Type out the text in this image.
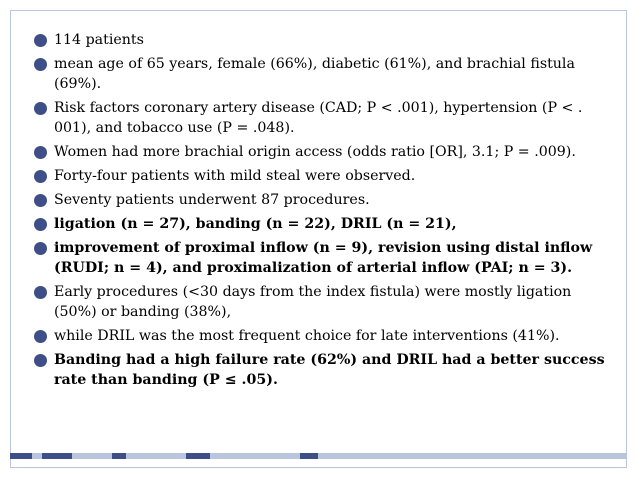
114 patients
mean age of 65 years, female (66%), diabetic (61%), and brachial fistula (69%).
Risk factors coronary artery disease (CAD; P < .001), hypertension (P < . 001), and tobacco use (P = .048).
Women had more brachial origin access (odds ratio [OR], 3.1; P = .009).
Forty-four patients with mild steal were observed.
Seventy patients underwent 87 procedures.
ligation (n = 27), banding (n = 22), DRIL (n = 21),
improvement of proximal inflow (n = 9), revision using distal inflow (RUDI; n = 4), and proximalization of arterial inflow (PAI; n = 3).
Early procedures (<30 days from the index fistula) were mostly ligation (50%) or banding (38%),
while DRIL was the most frequent choice for late interventions (41%).
Banding had a high failure rate (62%) and DRIL had a better success rate than banding (P ≤ .05).
